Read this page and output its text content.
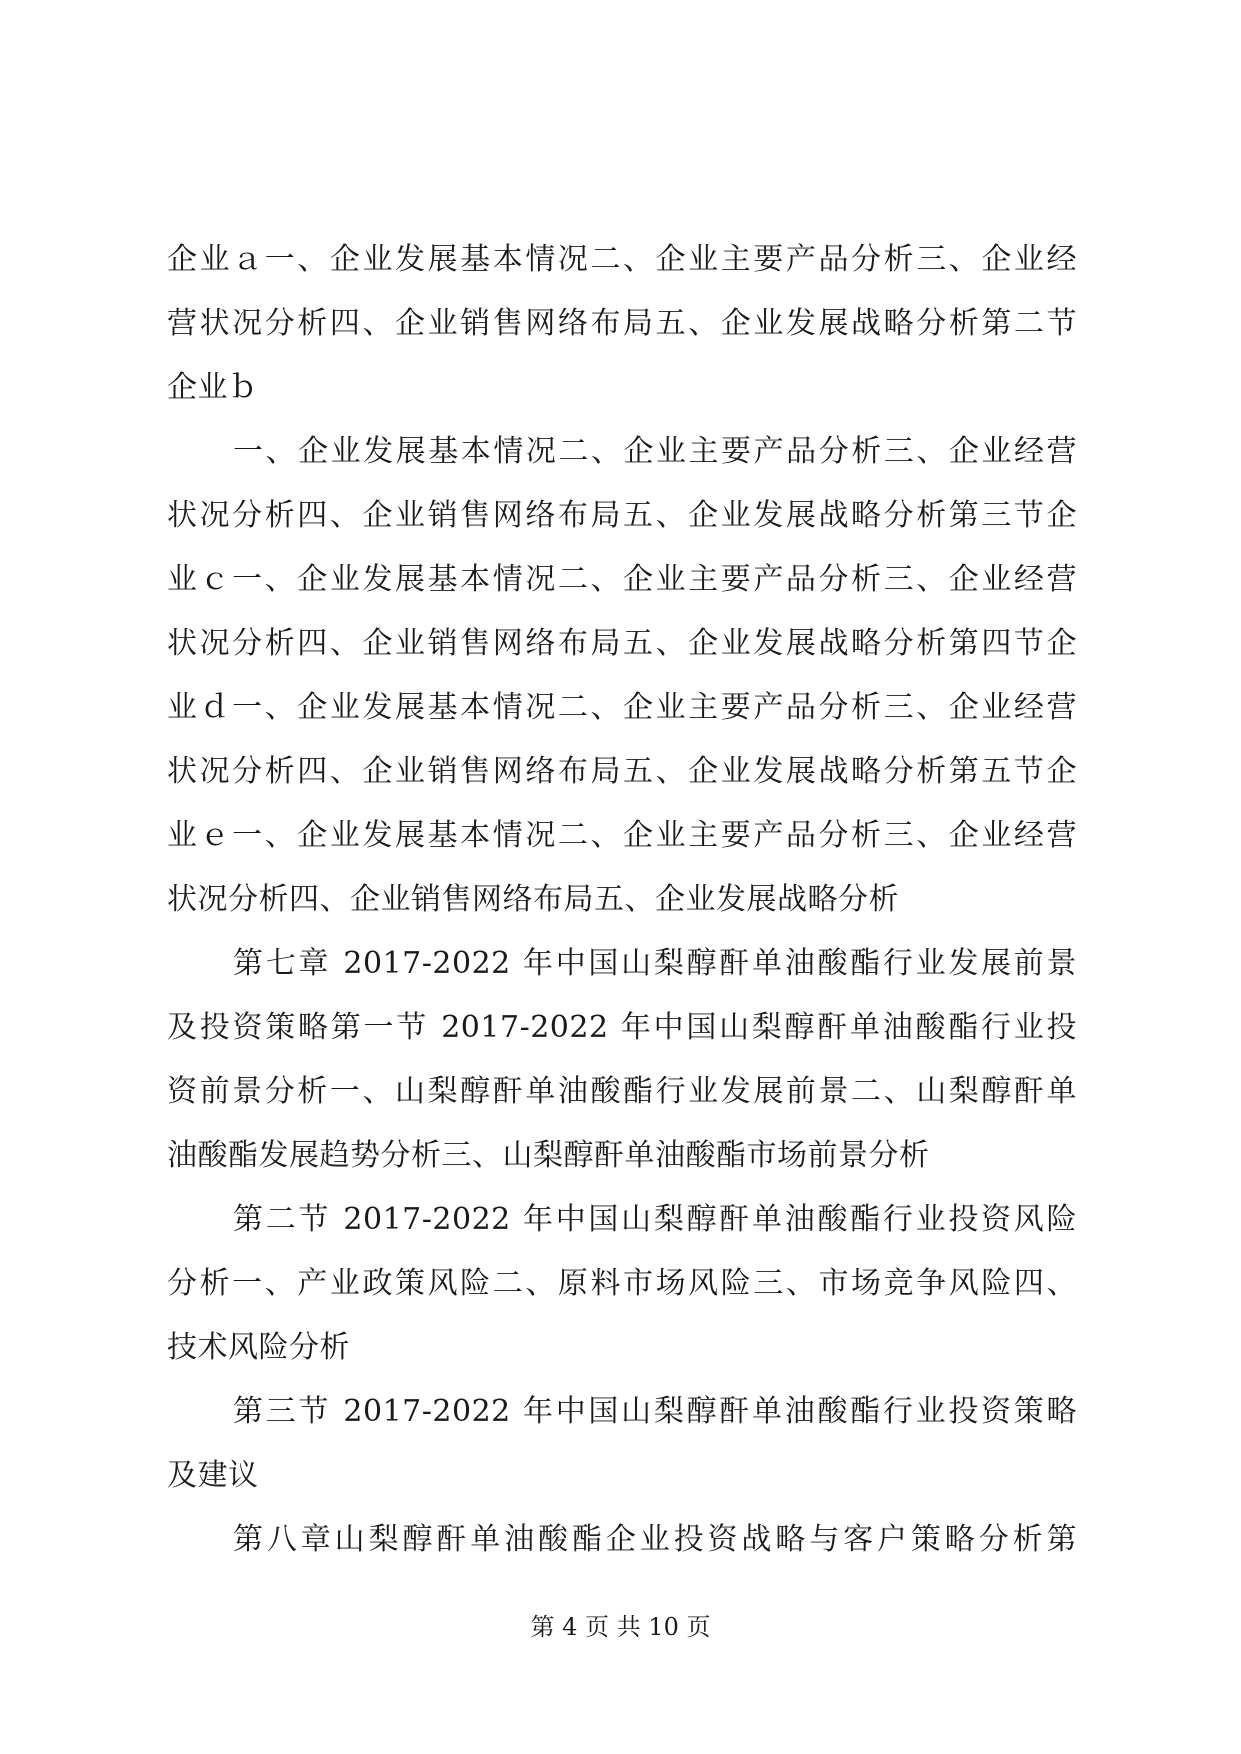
企业ａ一、企业发展基本情况二、企业主要产品分析三、企业经
营状况分析四、企业销售网络布局五、企业发展战略分析第二节
企业ｂ
一、企业发展基本情况二、企业主要产品分析三、企业经营
状况分析四、企业销售网络布局五、企业发展战略分析第三节企
业ｃ一、企业发展基本情况二、企业主要产品分析三、企业经营
状况分析四、企业销售网络布局五、企业发展战略分析第四节企
业ｄ一、企业发展基本情况二、企业主要产品分析三、企业经营
状况分析四、企业销售网络布局五、企业发展战略分析第五节企
业ｅ一、企业发展基本情况二、企业主要产品分析三、企业经营
状况分析四、企业销售网络布局五、企业发展战略分析
第七章 2017-2022 年中国山梨醇酐单油酸酯行业发展前景
及投资策略第一节 2017-2022 年中国山梨醇酐单油酸酯行业投
资前景分析一、山梨醇酐单油酸酯行业发展前景二、山梨醇酐单
油酸酯发展趋势分析三、山梨醇酐单油酸酯市场前景分析
第二节 2017-2022 年中国山梨醇酐单油酸酯行业投资风险
分析一、产业政策风险二、原料市场风险三、市场竞争风险四、
技术风险分析
第三节 2017-2022 年中国山梨醇酐单油酸酯行业投资策略
及建议
第八章山梨醇酐单油酸酯企业投资战略与客户策略分析第
第 4 页 共 10 页
